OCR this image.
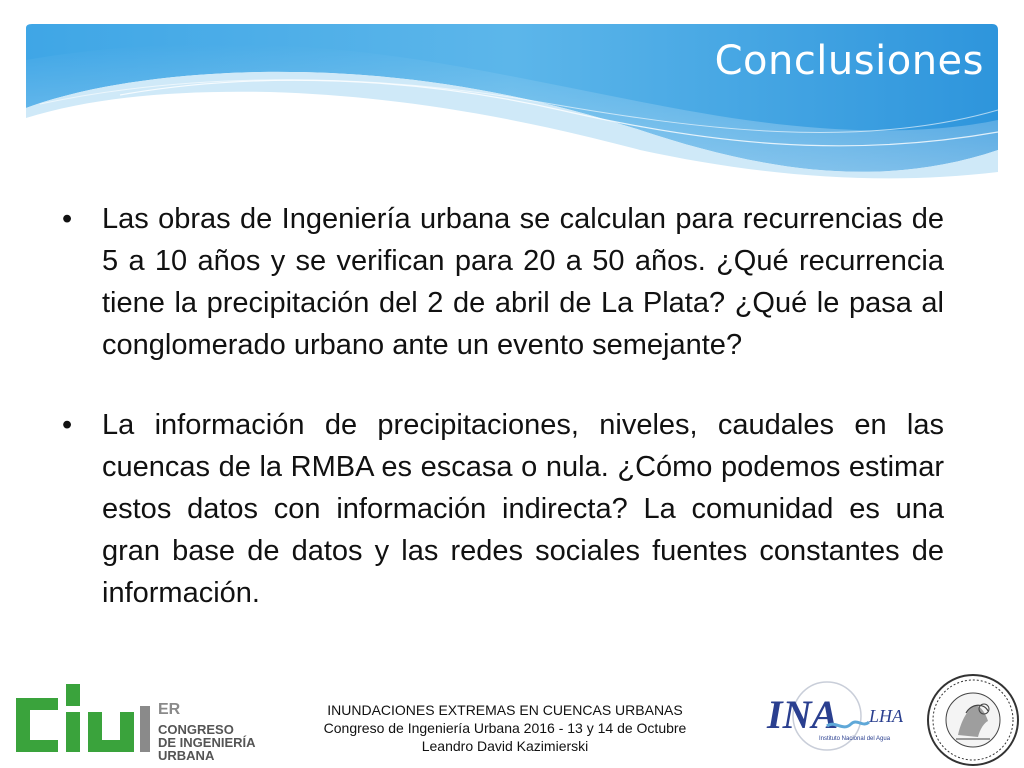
Conclusiones
• Las obras de Ingeniería urbana se calculan para recurrencias de 5 a 10 años y se verifican para 20 a 50 años. ¿Qué recurrencia tiene la precipitación del 2 de abril de La Plata? ¿Qué le pasa al conglomerado urbano ante un evento semejante?
• La información de precipitaciones, niveles, caudales en las cuencas de la RMBA es escasa o nula. ¿Cómo podemos estimar estos datos con información indirecta? La comunidad es una gran base de datos y las redes sociales fuentes constantes de información.
ER
CONGRESO
DE INGENIERÍA
URBANA
INUNDACIONES EXTREMAS EN CUENCAS URBANAS
Congreso de Ingeniería Urbana 2016 - 13 y 14 de Octubre
Leandro David Kazimierski
INA LHA
Instituto Nacional del Agua
